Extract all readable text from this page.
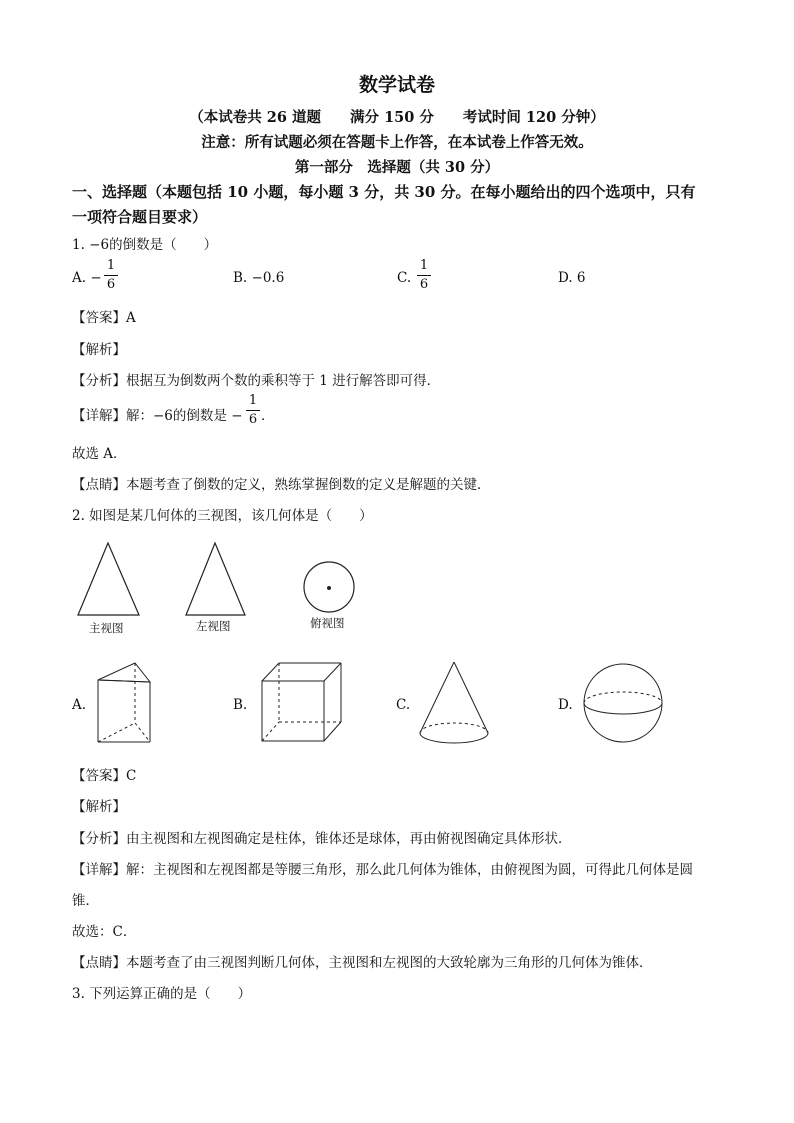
数学试卷
（本试卷共 26 道题　　满分 150 分　　考试时间 120 分钟）
注意：所有试题必须在答题卡上作答，在本试卷上作答无效。
第一部分　选择题（共 30 分）
一、选择题（本题包括 10 小题，每小题 3 分，共 30 分。在每小题给出的四个选项中，只有
一项符合题目要求）
1. −6的倒数是（　　）
A. −
1
6	B. −0.6	C.
1
6	D. 6
【答案】A
【解析】
【分析】根据互为倒数两个数的乘积等于 1 进行解答即可得．
【详解】解：−6的倒数是 −
1
6 ．
故选 A．
【点睛】本题考查了倒数的定义，熟练掌握倒数的定义是解题的关键．
2. 如图是某几何体的三视图，该几何体是（　　）
主视图	左视图	俯视图
A.	B.	C.	D.
【答案】C
【解析】
【分析】由主视图和左视图确定是柱体，锥体还是球体，再由俯视图确定具体形状．
【详解】解：主视图和左视图都是等腰三角形，那么此几何体为锥体，由俯视图为圆，可得此几何体是圆
锥．
故选：C．
【点睛】本题考查了由三视图判断几何体，主视图和左视图的大致轮廓为三角形的几何体为锥体．
3. 下列运算正确的是（　　）
